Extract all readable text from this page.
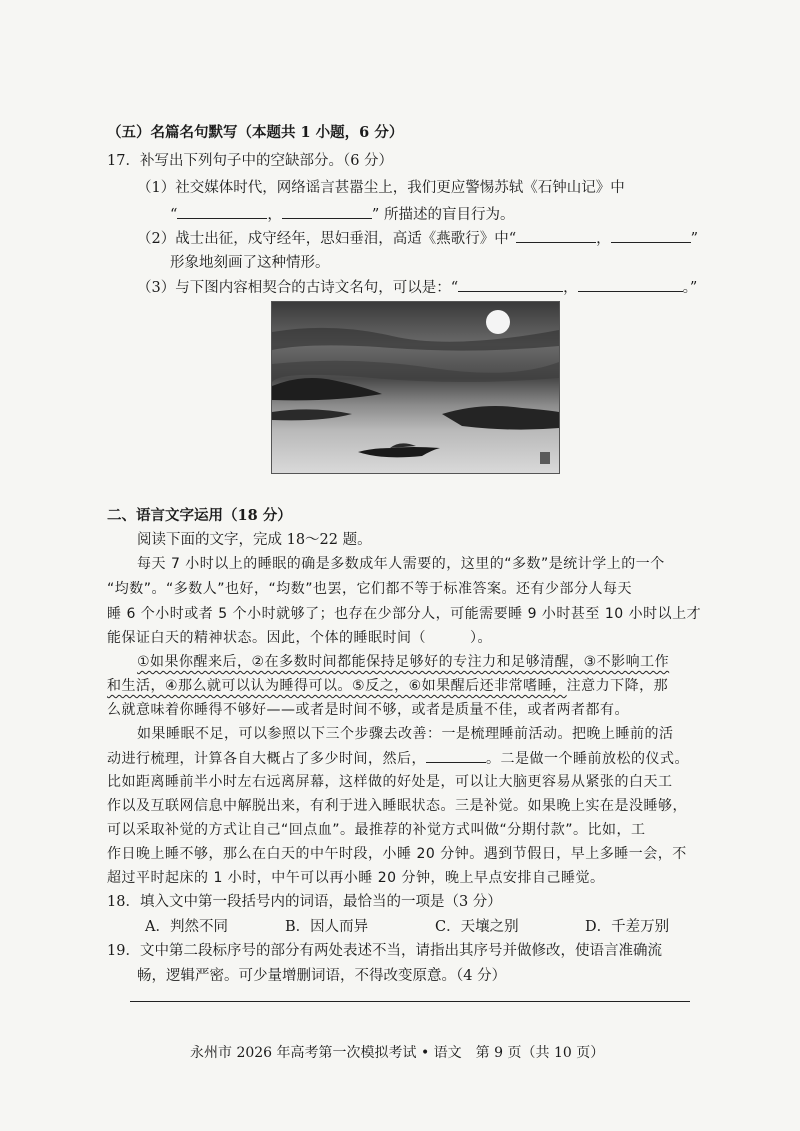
（五）名篇名句默写（本题共 1 小题，6 分）
17．补写出下列句子中的空缺部分。（6 分）
（1）社交媒体时代，网络谣言甚嚣尘上，我们更应警惕苏轼《石钟山记》中
“	，	” 所描述的盲目行为。
（2）战士出征，戍守经年，思妇垂泪，高适《燕歌行》中“	，	”
形象地刻画了这种情形。
（3）与下图内容相契合的古诗文名句，可以是：“	，	。”
二、语言文字运用（18 分）
阅读下面的文字，完成 18～22 题。
每天 7 小时以上的睡眠的确是多数成年人需要的，这里的“多数”是统计学上的一个
“均数”。“多数人”也好，“均数”也罢，它们都不等于标准答案。还有少部分人每天
睡 6 个小时或者 5 个小时就够了；也存在少部分人，可能需要睡 9 小时甚至 10 小时以上才
能保证白天的精神状态。因此，个体的睡眠时间（	）。
①如果你醒来后，②在多数时间都能保持足够好的专注力和足够清醒，③不影响工作
和生活，④那么就可以认为睡得可以。⑤反之，⑥如果醒后还非常嗜睡，注意力下降，那
么就意味着你睡得不够好——或者是时间不够，或者是质量不佳，或者两者都有。
如果睡眠不足，可以参照以下三个步骤去改善：一是梳理睡前活动。把晚上睡前的活
动进行梳理，计算各自大概占了多少时间，然后，	。二是做一个睡前放松的仪式。
比如距离睡前半小时左右远离屏幕，这样做的好处是，可以让大脑更容易从紧张的白天工
作以及互联网信息中解脱出来，有利于进入睡眠状态。三是补觉。如果晚上实在是没睡够，
可以采取补觉的方式让自己“回点血”。最推荐的补觉方式叫做“分期付款”。比如，工
作日晚上睡不够，那么在白天的中午时段，小睡 20 分钟。遇到节假日，早上多睡一会，不
超过平时起床的 1 小时，中午可以再小睡 20 分钟，晚上早点安排自己睡觉。
18．填入文中第一段括号内的词语，最恰当的一项是（3 分）
A．判然不同	B．因人而异	C．天壤之别	D．千差万别
19．文中第二段标序号的部分有两处表述不当，请指出其序号并做修改，使语言准确流
畅，逻辑严密。可少量增删词语，不得改变原意。（4 分）
永州市 2026 年高考第一次模拟考试 • 语文　第 9 页（共 10 页）
